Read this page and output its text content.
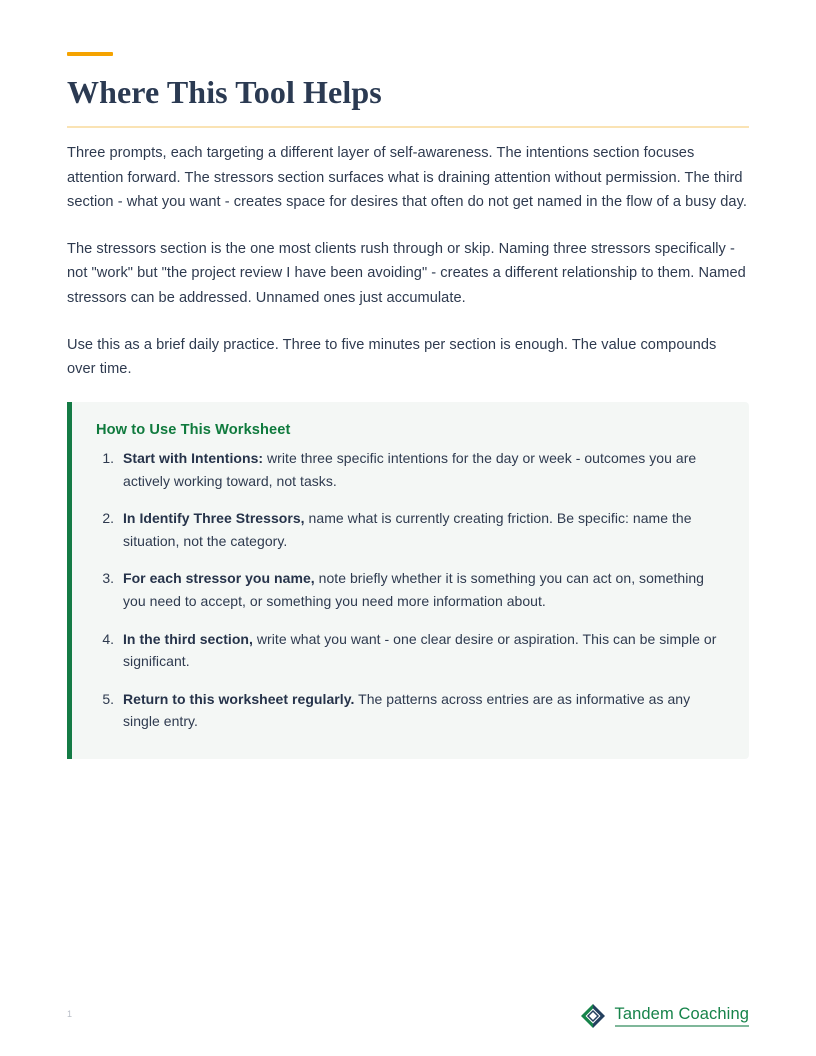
Where This Tool Helps

Three prompts, each targeting a different layer of self-awareness. The intentions section focuses attention forward. The stressors section surfaces what is draining attention without permission. The third section - what you want - creates space for desires that often do not get named in the flow of a busy day.

The stressors section is the one most clients rush through or skip. Naming three stressors specifically - not "work" but "the project review I have been avoiding" - creates a different relationship to them. Named stressors can be addressed. Unnamed ones just accumulate.

Use this as a brief daily practice. Three to five minutes per section is enough. The value compounds over time.

How to Use This Worksheet
1. Start with Intentions: write three specific intentions for the day or week - outcomes you are actively working toward, not tasks.
2. In Identify Three Stressors, name what is currently creating friction. Be specific: name the situation, not the category.
3. For each stressor you name, note briefly whether it is something you can act on, something you need to accept, or something you need more information about.
4. In the third section, write what you want - one clear desire or aspiration. This can be simple or significant.
5. Return to this worksheet regularly. The patterns across entries are as informative as any single entry.
1	Tandem Coaching
